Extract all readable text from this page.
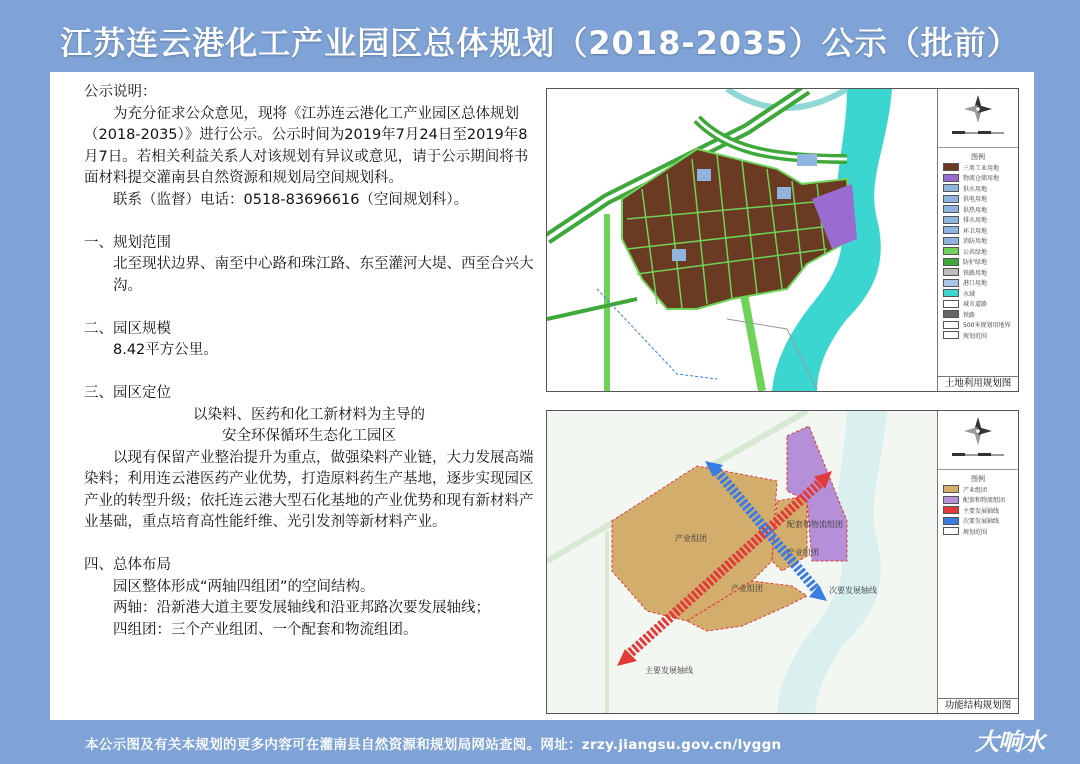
江苏连云港化工产业园区总体规划（2018-2035）公示（批前）

公示说明：

为充分征求公众意见，现将《江苏连云港化工产业园区总体规划（2018-2035）》进行公示。公示时间为2019年7月24日至2019年8月7日。若相关利益关系人对该规划有异议或意见，请于公示期间将书面材料提交灌南县自然资源和规划局空间规划科。

联系（监督）电话：0518-83696616（空间规划科）。

一、规划范围

北至现状边界、南至中心路和珠江路、东至灌河大堤、西至合兴大沟。

二、园区规模

8.42平方公里。

三、园区定位

以染料、医药和化工新材料为主导的

安全环保循环生态化工园区

以现有保留产业整治提升为重点，做强染料产业链，大力发展高端染料；利用连云港医药产业优势，打造原料药生产基地，逐步实现园区产业的转型升级；依托连云港大型石化基地的产业优势和现有新材料产业基础，重点培育高性能纤维、光引发剂等新材料产业。

四、总体布局

园区整体形成“两轴四组团”的空间结构。

两轴：沿新港大道主要发展轴线和沿亚邦路次要发展轴线；

四组团：三个产业组团、一个配套和物流组团。

图例
三类工业用地
物流仓储用地
供水用地
供电用地
供热用地
排水用地
环卫用地
消防用地
公共绿地
防护绿地
铁路用地
港口用地
水域
城市道路
铁路
500米规划用地界
规划范围
土地利用规划图
产业组团
产业组团
产业组团
配套和物流组团
次要发展轴线
主要发展轴线
图例
产业组团
配套和物流组团
主要发展轴线
次要发展轴线
规划范围
功能结构规划图
本公示图及有关本规划的更多内容可在灌南县自然资源和规划局网站查阅。网址：zrzy.jiangsu.gov.cn/lyggn	大响水
